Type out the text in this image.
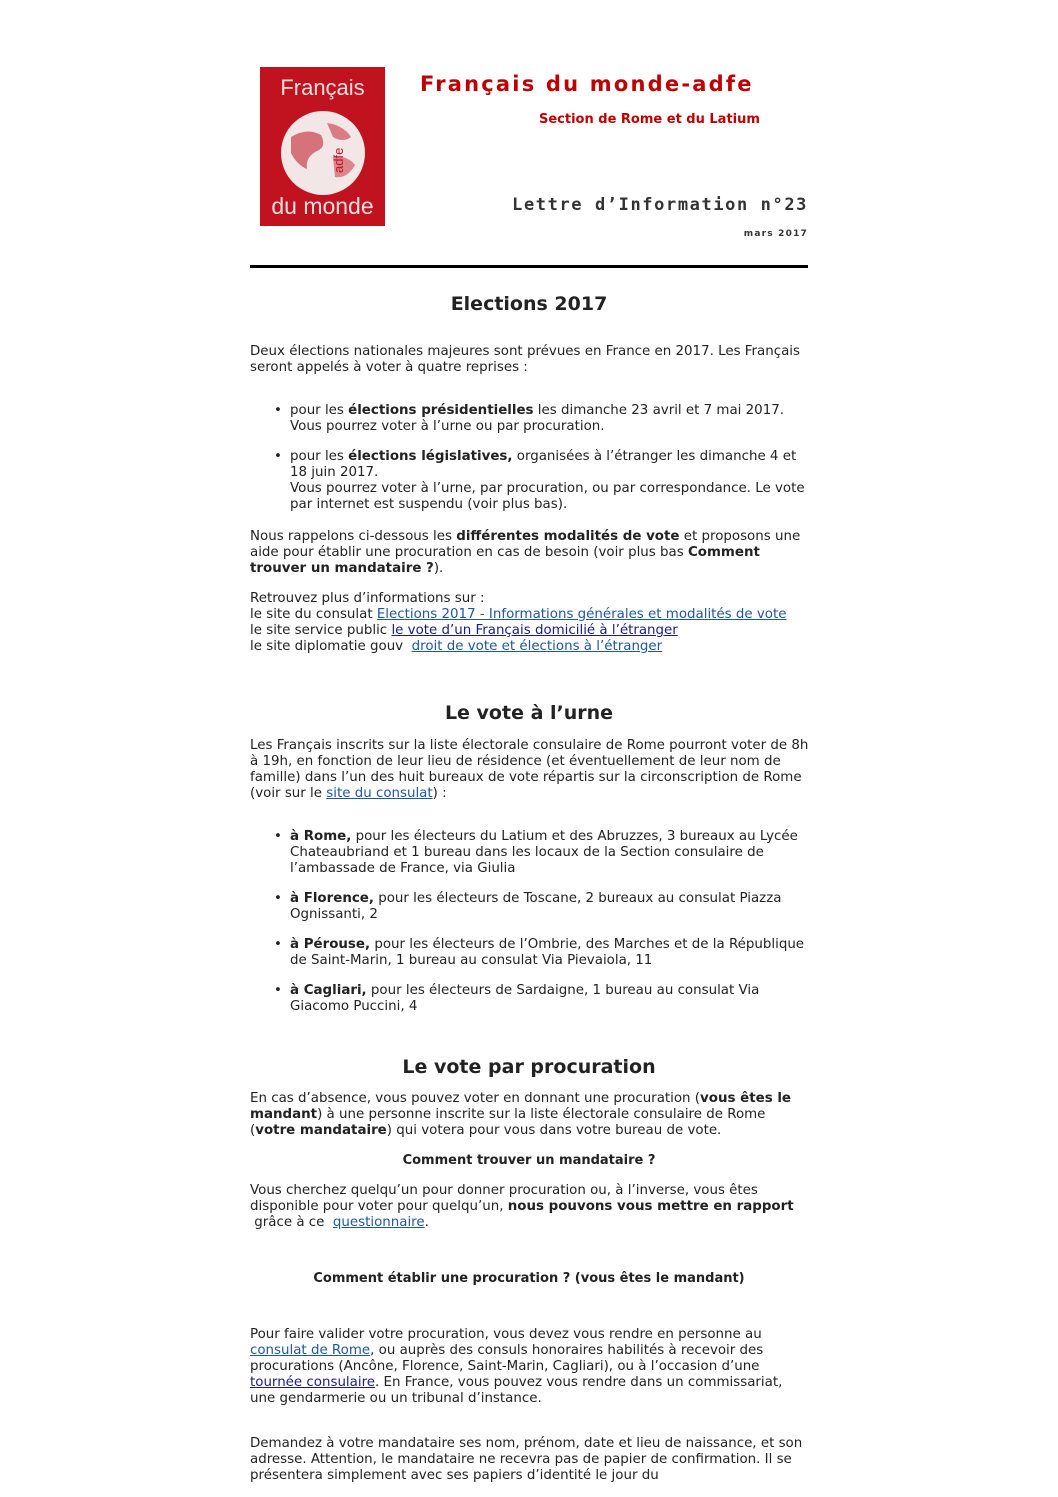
Français
adfe
du monde
Français du monde-adfe
Section de Rome et du Latium
Lettre d’Information n°23
mars 2017
Elections 2017

Deux élections nationales majeures sont prévues en France en 2017. Les Français seront appelés à voter à quatre reprises :

• pour les élections présidentielles les dimanche 23 avril et 7 mai 2017.
Vous pourrez voter à l’urne ou par procuration.
• pour les élections législatives, organisées à l’étranger les dimanche 4 et 18 juin 2017.
Vous pourrez voter à l’urne, par procuration, ou par correspondance. Le vote par internet est suspendu (voir plus bas).

Nous rappelons ci-dessous les différentes modalités de vote et proposons une aide pour établir une procuration en cas de besoin (voir plus bas Comment trouver un mandataire ?).

Retrouvez plus d’informations sur :
le site du consulat Elections 2017 - Informations générales et modalités de vote
le site service public le vote d’un Français domicilié à l’étranger
le site diplomatie gouv  droit de vote et élections à l’étranger

Le vote à l’urne

Les Français inscrits sur la liste électorale consulaire de Rome pourront voter de 8h à 19h, en fonction de leur lieu de résidence (et éventuellement de leur nom de famille) dans l’un des huit bureaux de vote répartis sur la circonscription de Rome (voir sur le site du consulat) :

• à Rome, pour les électeurs du Latium et des Abruzzes, 3 bureaux au Lycée Chateaubriand et 1 bureau dans les locaux de la Section consulaire de l’ambassade de France, via Giulia
• à Florence, pour les électeurs de Toscane, 2 bureaux au consulat Piazza Ognissanti, 2
• à Pérouse, pour les électeurs de l’Ombrie, des Marches et de la République de Saint-Marin, 1 bureau au consulat Via Pievaiola, 11
• à Cagliari, pour les électeurs de Sardaigne, 1 bureau au consulat Via Giacomo Puccini, 4
Le vote par procuration

En cas d’absence, vous pouvez voter en donnant une procuration (vous êtes le mandant) à une personne inscrite sur la liste électorale consulaire de Rome (votre mandataire) qui votera pour vous dans votre bureau de vote.

Comment trouver un mandataire ?

Vous cherchez quelqu’un pour donner procuration ou, à l’inverse, vous êtes disponible pour voter pour quelqu’un, nous pouvons vous mettre en rapport grâce à ce  questionnaire.

Comment établir une procuration ? (vous êtes le mandant)

Pour faire valider votre procuration, vous devez vous rendre en personne au consulat de Rome, ou auprès des consuls honoraires habilités à recevoir des procurations (Ancône, Florence, Saint-Marin, Cagliari), ou à l’occasion d’une tournée consulaire. En France, vous pouvez vous rendre dans un commissariat, une gendarmerie ou un tribunal d’instance.

Demandez à votre mandataire ses nom, prénom, date et lieu de naissance, et son adresse. Attention, le mandataire ne recevra pas de papier de confirmation. Il se présentera simplement avec ses papiers d’identité le jour du
